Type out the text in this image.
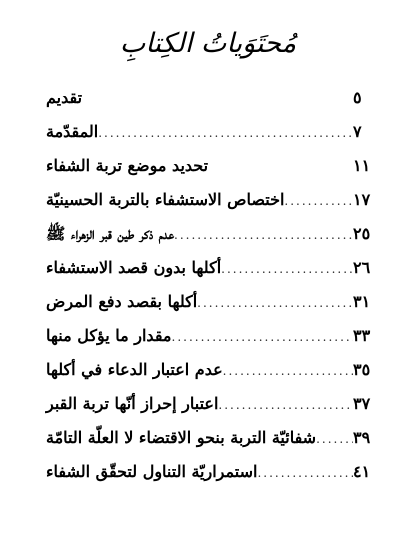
مُحتَوَياتُ الكِتابِ
تقديم	٥
المقدّمة .....	٧
تحديد موضع تربة الشفاء	١١
اختصاص الاستشفاء بالتربة الحسينيّة .....	١٧
عدم ذكر طين قبر الزهراء ﷺ .....	٢٥
أكلها بدون قصد الاستشفاء .....	٢٦
أكلها بقصد دفع المرض .....	٣١
مقدار ما يؤكل منها .....	٣٣
عدم اعتبار الدعاء في أكلها .....	٣٥
اعتبار إحراز أنّها تربة القبر .....	٣٧
شفائيّة التربة بنحو الاقتضاء لا العلّة التامّة ..... ٣٩
استمراريّة التناول لتحقّق الشفاء .....	٤١
